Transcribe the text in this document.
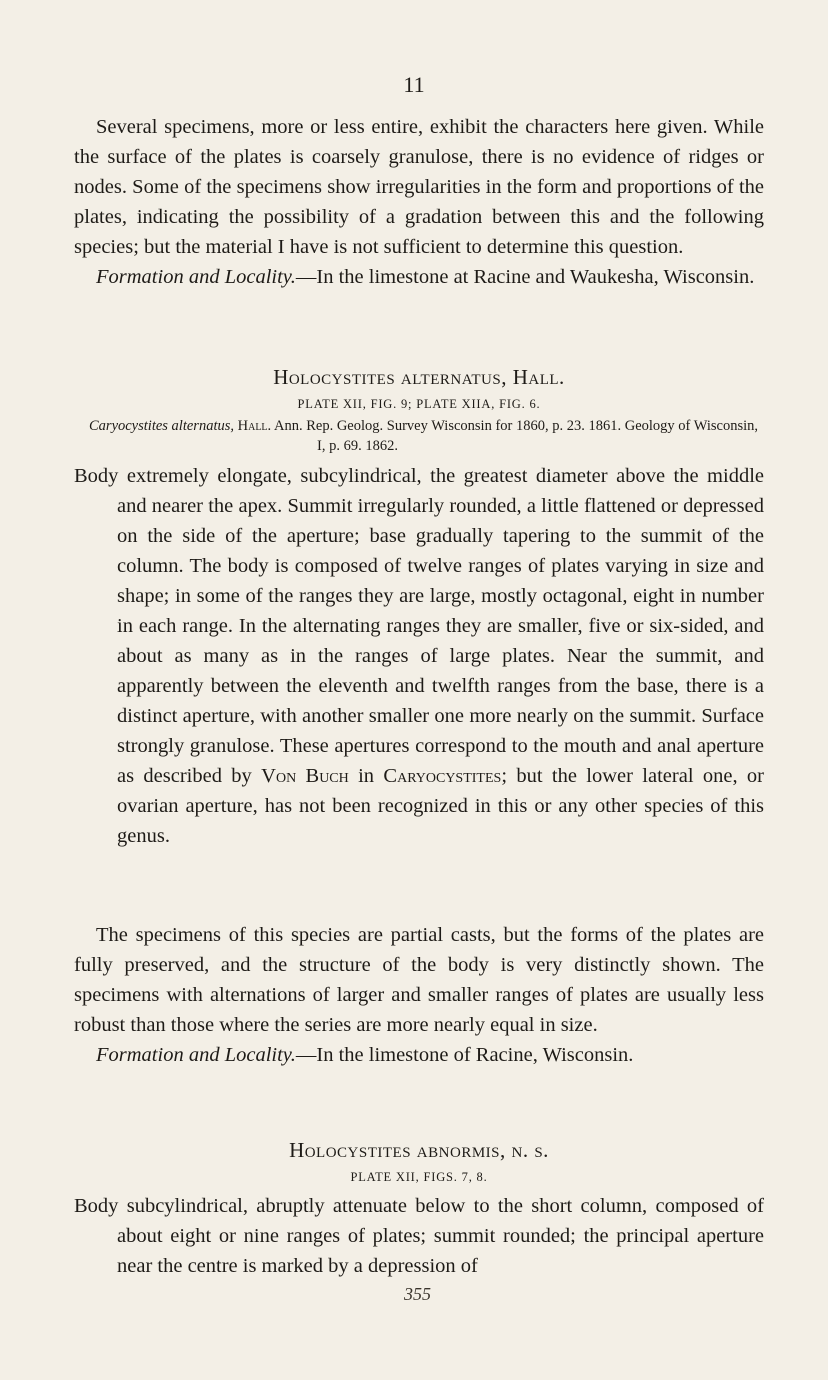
11

Several specimens, more or less entire, exhibit the characters here given. While the surface of the plates is coarsely granulose, there is no evidence of ridges or nodes. Some of the specimens show irregularities in the form and proportions of the plates, indicating the possibility of a gradation between this and the following species; but the material I have is not sufficient to determine this question.

Formation and Locality.—In the limestone at Racine and Waukesha, Wisconsin.

Holocystites alternatus, Hall.

PLATE XII, FIG. 9; PLATE XIIA, FIG. 6.

Caryocystites alternatus, Hall. Ann. Rep. Geolog. Survey Wisconsin for 1860, p. 23. 1861. Geology of Wisconsin, I, p. 69. 1862.

Body extremely elongate, subcylindrical, the greatest diameter above the middle and nearer the apex. Summit irregularly rounded, a little flattened or depressed on the side of the aperture; base gradually tapering to the summit of the column. The body is composed of twelve ranges of plates varying in size and shape; in some of the ranges they are large, mostly octagonal, eight in number in each range. In the alternating ranges they are smaller, five or six-sided, and about as many as in the ranges of large plates. Near the summit, and apparently between the eleventh and twelfth ranges from the base, there is a distinct aperture, with another smaller one more nearly on the summit. Surface strongly granulose. These apertures correspond to the mouth and anal aperture as described by Von Buch in Caryocystites; but the lower lateral one, or ovarian aperture, has not been recognized in this or any other species of this genus.

The specimens of this species are partial casts, but the forms of the plates are fully preserved, and the structure of the body is very distinctly shown. The specimens with alternations of larger and smaller ranges of plates are usually less robust than those where the series are more nearly equal in size.

Formation and Locality.—In the limestone of Racine, Wisconsin.

Holocystites abnormis, n. s.

PLATE XII, FIGS. 7, 8.

Body subcylindrical, abruptly attenuate below to the short column, composed of about eight or nine ranges of plates; summit rounded; the principal aperture near the centre is marked by a depression of

355
